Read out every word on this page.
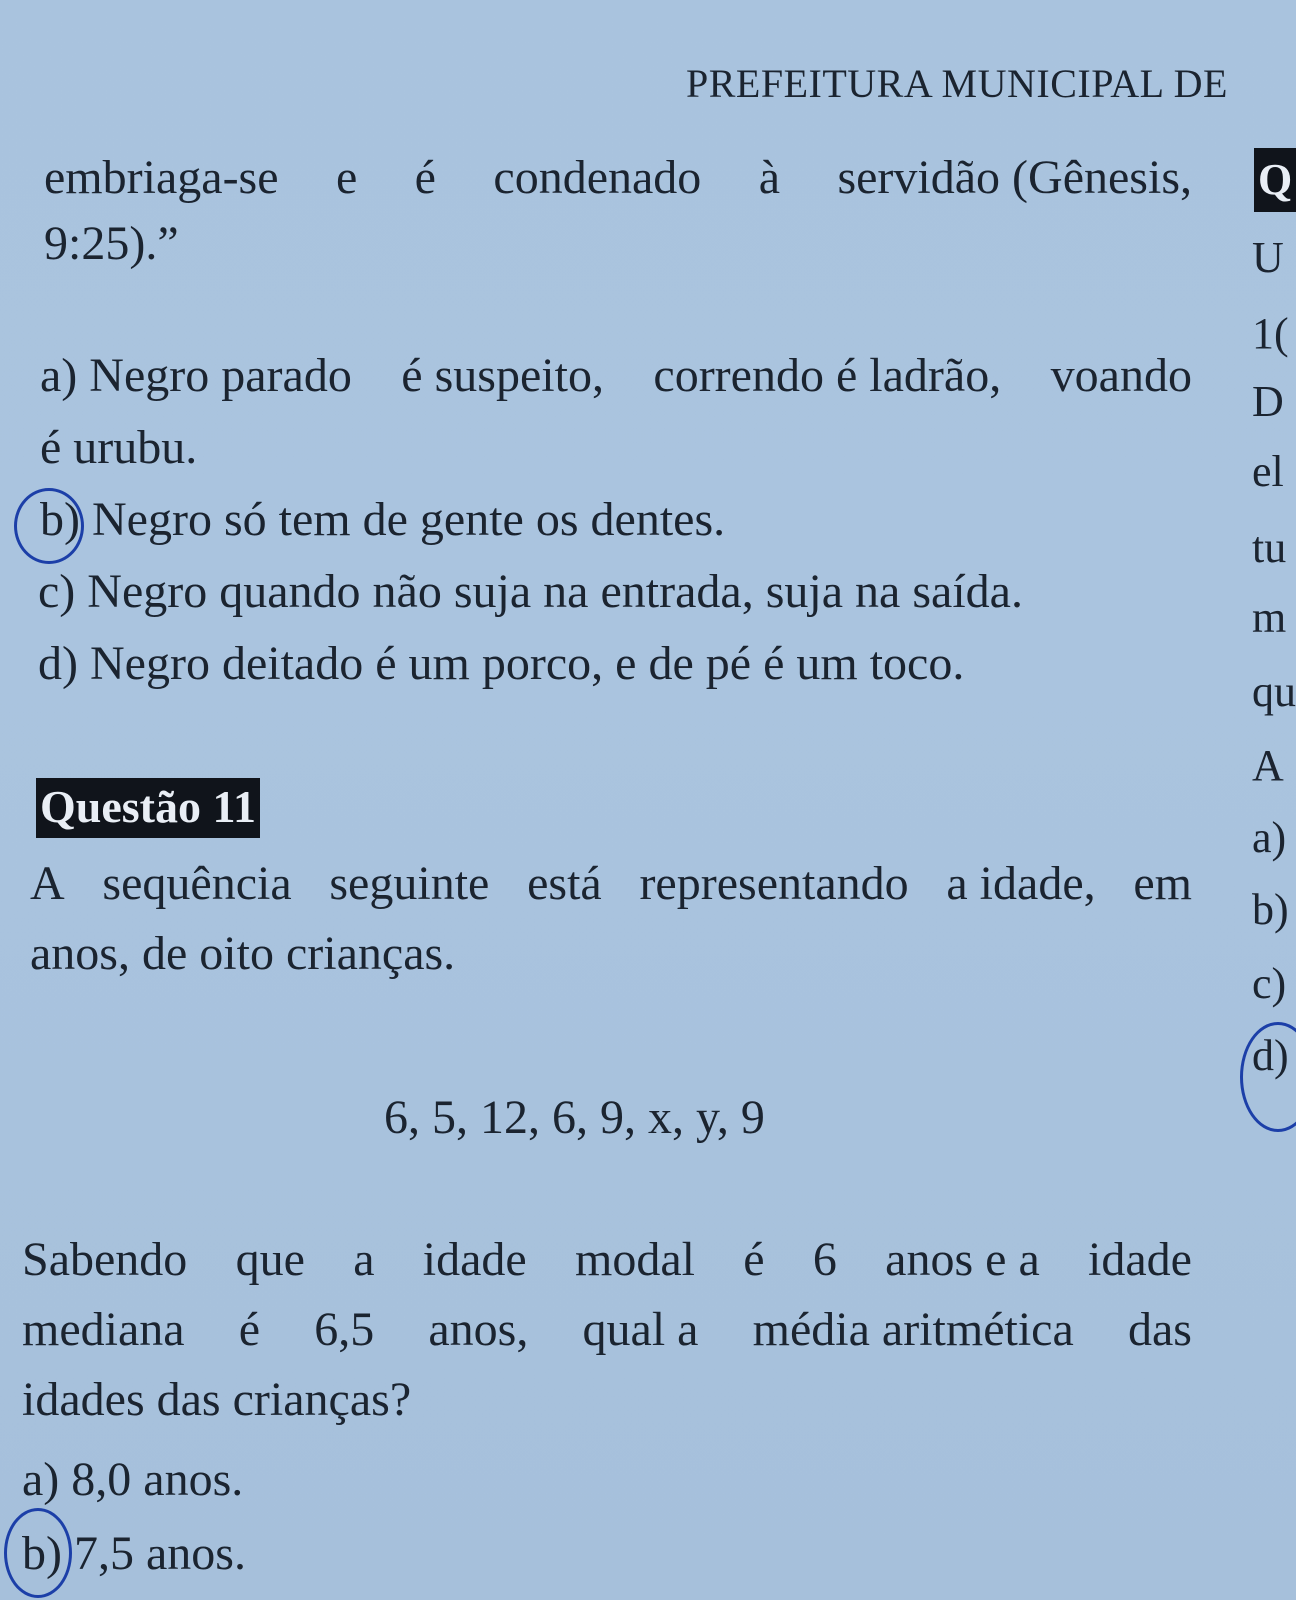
PREFEITURA MUNICIPAL DE
embriaga-se e é condenado à servidão (Gênesis,
9:25).”
a) Negro parado é suspeito, correndo é ladrão, voando
é urubu.
b) Negro só tem de gente os dentes.
c) Negro quando não suja na entrada, suja na saída.
d) Negro deitado é um porco, e de pé é um toco.
Questão 11
A sequência seguinte está representando a idade, em
anos, de oito crianças.
6, 5, 12, 6, 9, x, y, 9
Sabendo que a idade modal é 6 anos e a idade
mediana é 6,5 anos, qual a média aritmética das
idades das crianças?
a) 8,0 anos.
b) 7,5 anos.
Q
U
1(
D
el
tu
m
qu
A
a)
b)
c)
d)
